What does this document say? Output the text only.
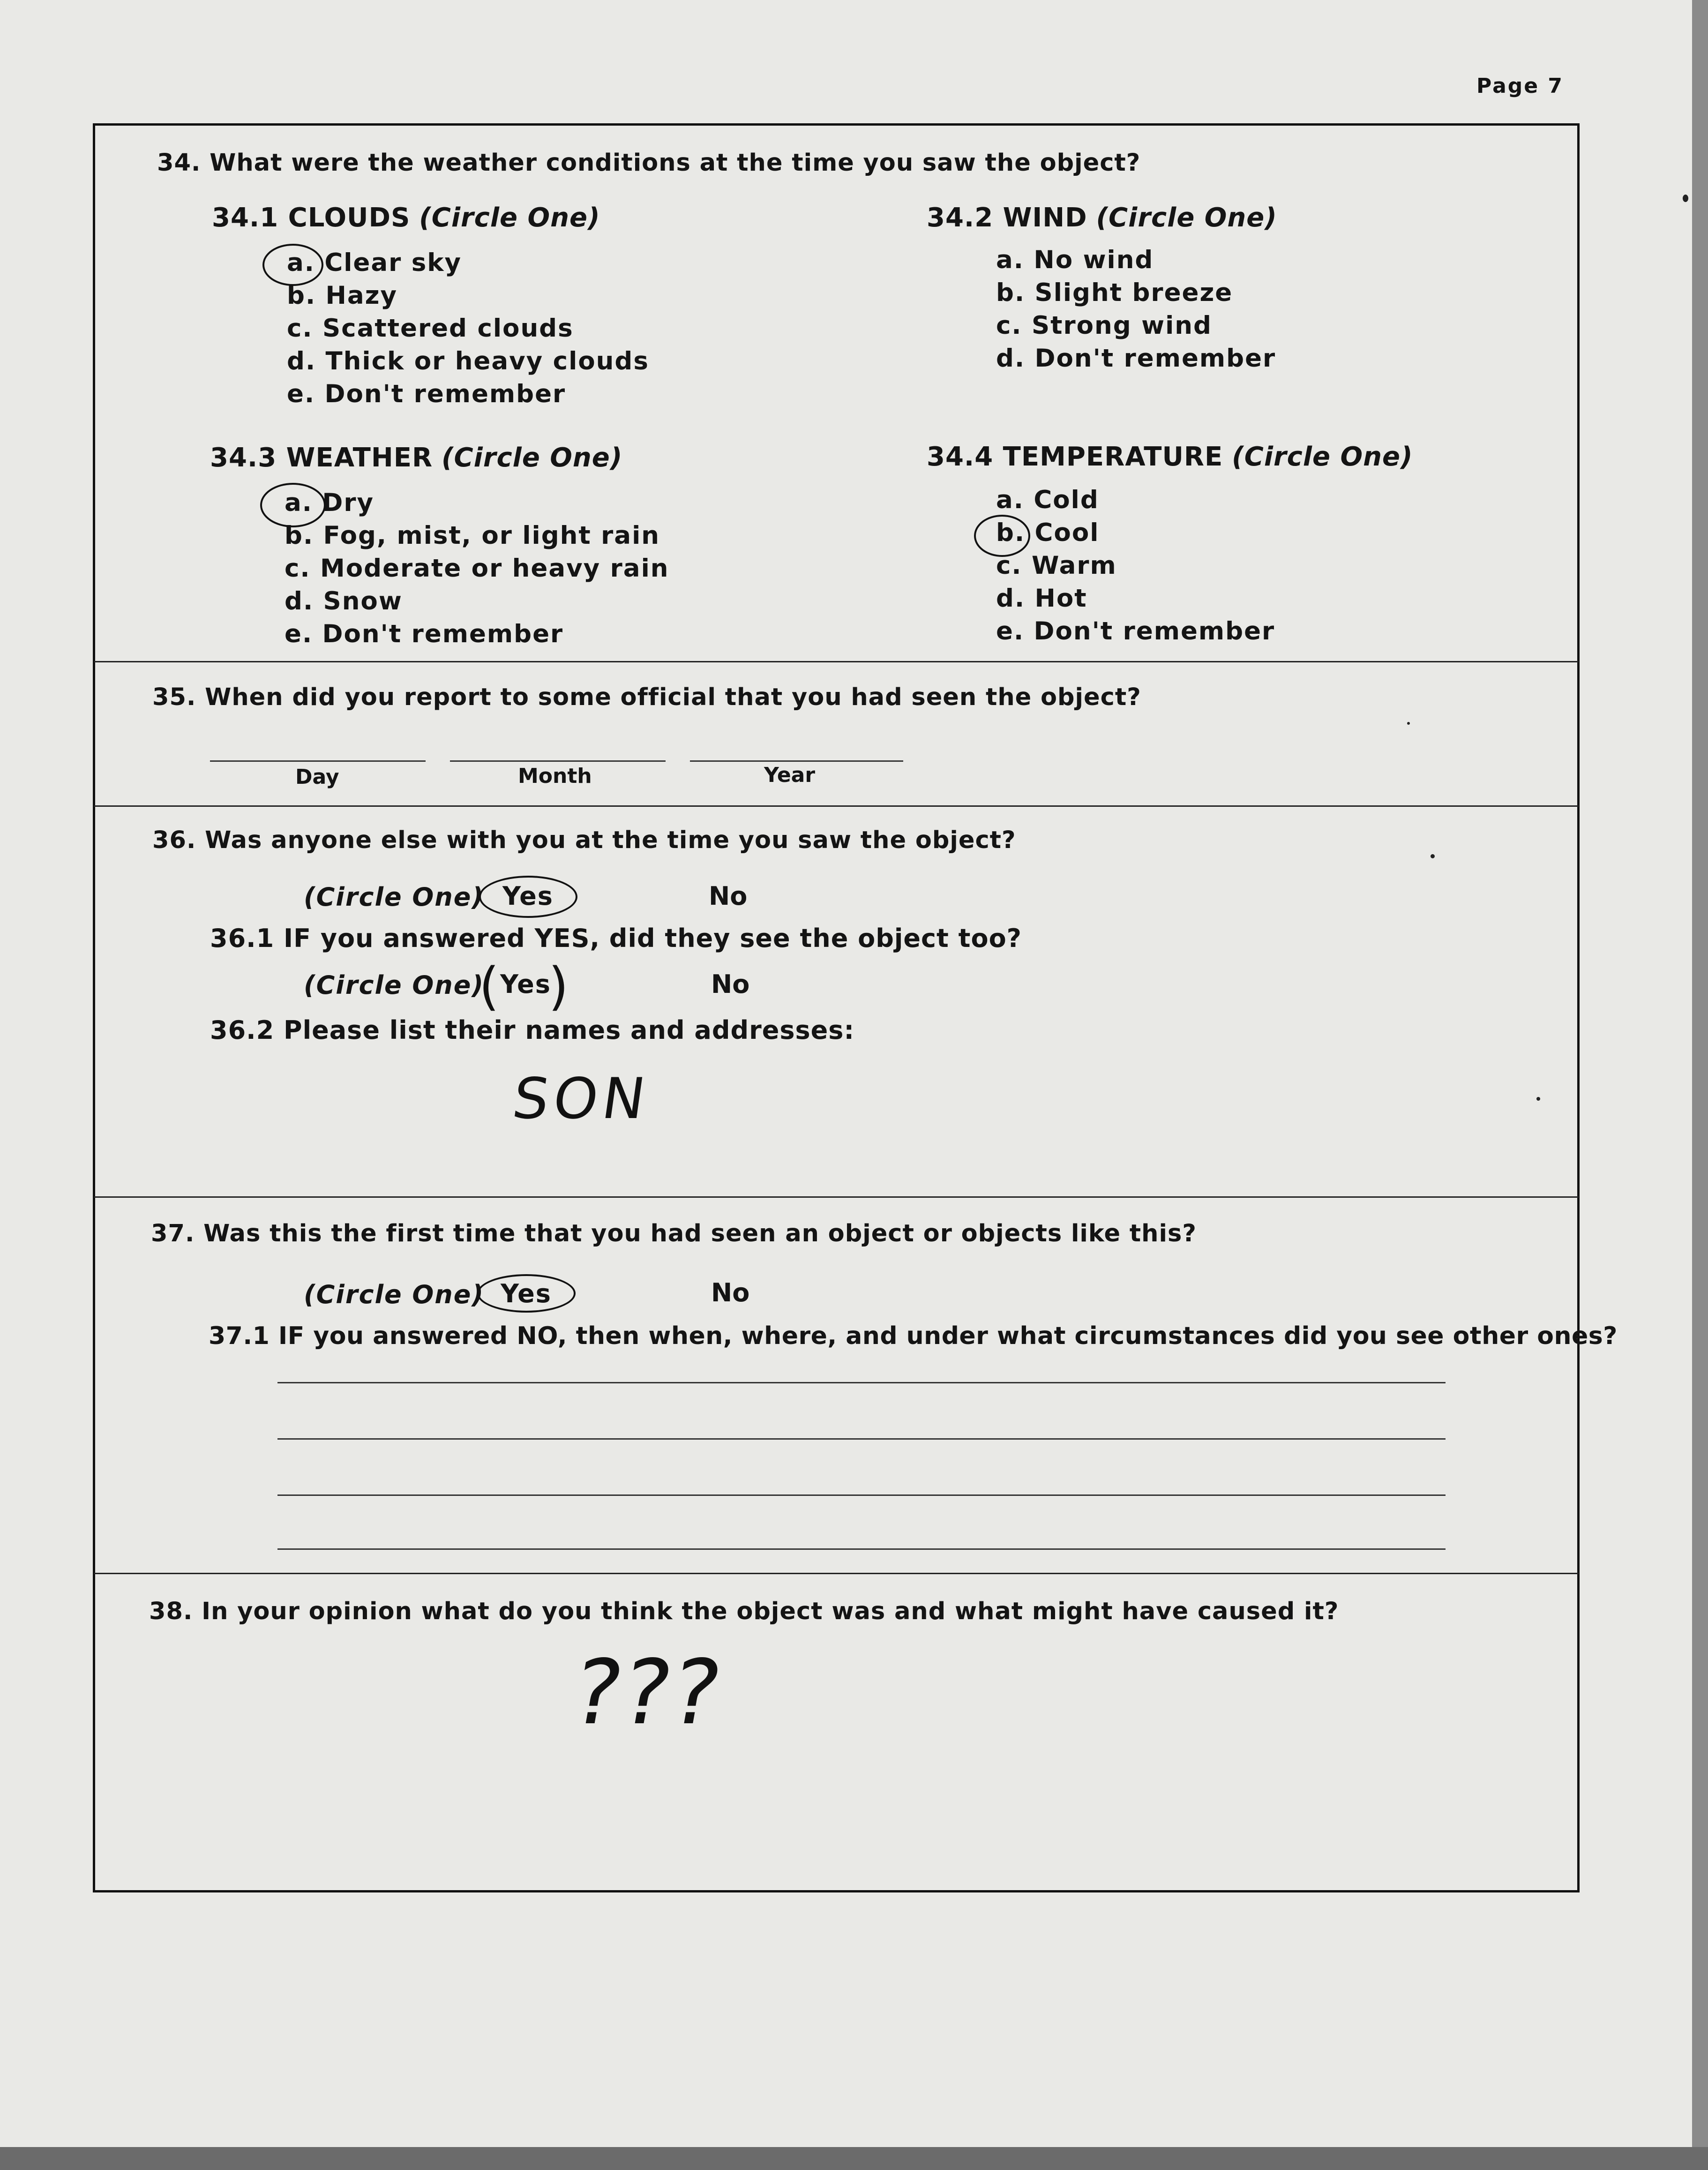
Page 7
34. What were the weather conditions at the time you saw the object?
34.1 CLOUDS (Circle One)
a. Clear sky
b. Hazy
c. Scattered clouds
d. Thick or heavy clouds
e. Don't remember
34.2 WIND (Circle One)
a. No wind
b. Slight breeze
c. Strong wind
d. Don't remember
34.3 WEATHER (Circle One)
a. Dry
b. Fog, mist, or light rain
c. Moderate or heavy rain
d. Snow
e. Don't remember
34.4 TEMPERATURE (Circle One)
a. Cold
b. Cool
c. Warm
d. Hot
e. Don't remember
35. When did you report to some official that you had seen the object?
Day	Month	Year
36. Was anyone else with you at the time you saw the object?
(Circle One) Yes	No
36.1 IF you answered YES, did they see the object too?
(Circle One) Yes
( )	No
36.2 Please list their names and addresses:
SON
37. Was this the first time that you had seen an object or objects like this?
(Circle One) Yes	No
37.1 IF you answered NO, then when, where, and under what circumstances did you see other ones?
38. In your opinion what do you think the object was and what might have caused it?
???
